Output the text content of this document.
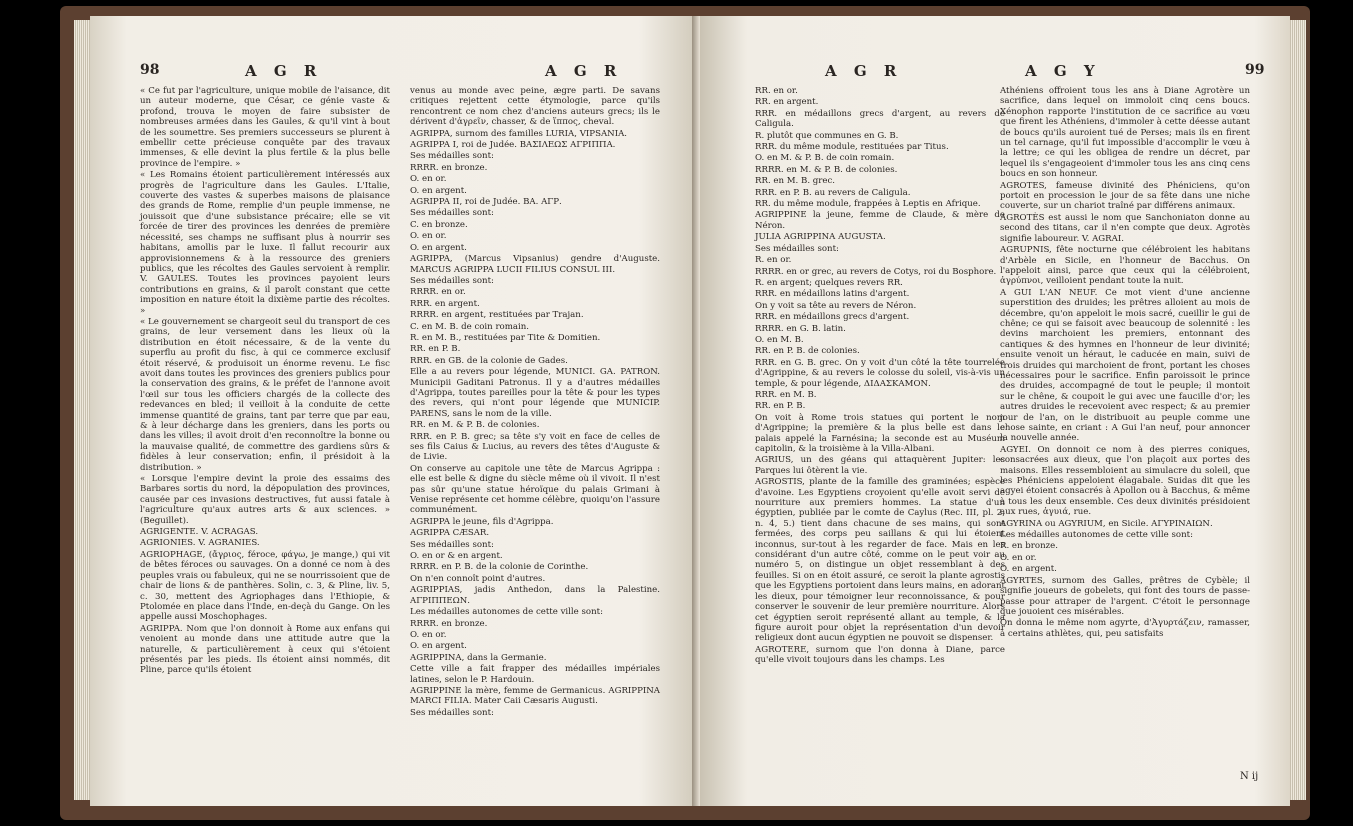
98	A G R	A G R

« Ce fut par l'agriculture, unique mobile de l'aisance, dit un auteur moderne, que César, ce génie vaste & profond, trouva le moyen de faire subsister de nombreuses armées dans les Gaules, & qu'il vint à bout de les soumettre. Ses premiers successeurs se plurent à embellir cette précieuse conquête par des travaux immenses, & elle devint la plus fertile & la plus belle province de l'empire. »

« Les Romains étoient particulièrement intéressés aux progrès de l'agriculture dans les Gaules. L'Italie, couverte des vastes & superbes maisons de plaisance des grands de Rome, remplie d'un peuple immense, ne jouissoit que d'une subsistance précaire; elle se vit forcée de tirer des provinces les denrées de première nécessité, ses champs ne suffisant plus à nourrir ses habitans, amollis par le luxe. Il fallut recourir aux approvisionnemens & à la ressource des greniers publics, que les récoltes des Gaules servoient à remplir. V. GAULES. Toutes les provinces payoient leurs contributions en grains, & il paroît constant que cette imposition en nature étoit la dixième partie des récoltes. »

« Le gouvernement se chargeoit seul du transport de ces grains, de leur versement dans les lieux où la distribution en étoit nécessaire, & de la vente du superflu au profit du fisc, à qui ce commerce exclusif étoit réservé, & produisoit un énorme revenu. Le fisc avoit dans toutes les provinces des greniers publics pour la conservation des grains, & le préfet de l'annone avoit l'œil sur tous les officiers chargés de la collecte des redevances en bled; il veilloit à la conduite de cette immense quantité de grains, tant par terre que par eau, & à leur décharge dans les greniers, dans les ports ou dans les villes; il avoit droit d'en reconnoître la bonne ou la mauvaise qualité, de commettre des gardiens sûrs & fidèles à leur conservation; enfin, il présidoit à la distribution. »

« Lorsque l'empire devint la proie des essaims des Barbares sortis du nord, la dépopulation des provinces, causée par ces invasions destructives, fut aussi fatale à l'agriculture qu'aux autres arts & aux sciences. » (Beguillet).

AGRIGENTE. V. ACRAGAS.

AGRIONIES. V. AGRANIES.

AGRIOPHAGE, (ἄγριος, féroce, φάγω, je mange,) qui vit de bêtes féroces ou sauvages. On a donné ce nom à des peuples vrais ou fabuleux, qui ne se nourrissoient que de chair de lions & de panthères. Solin, c. 3, & Pline, liv. 5, c. 30, mettent des Agriophages dans l'Ethiopie, & Ptolomée en place dans l'Inde, en-deçà du Gange. On les appelle aussi Moschophages.

AGRIPPA. Nom que l'on donnoit à Rome aux enfans qui venoient au monde dans une attitude autre que la naturelle, & particulièrement à ceux qui s'étoient présentés par les pieds. Ils étoient ainsi nommés, dit Pline, parce qu'ils étoient

venus au monde avec peine, ægre parti. De savans critiques rejettent cette étymologie, parce qu'ils rencontrent ce nom chez d'anciens auteurs grecs; ils le dérivent d'ἀγρεῖν, chasser, & de ἵππος, cheval.

AGRIPPA, surnom des familles LURIA, VIPSANIA.

AGRIPPA I, roi de Judée. ΒΑΣΙΛΕΩΣ ΑΓΡΙΠΠΑ.

Ses médailles sont:

RRRR. en bronze.

O. en or.

O. en argent.

AGRIPPA II, roi de Judée. ΒΑ. ΑΓΡ.

Ses médailles sont:

C. en bronze.

O. en or.

O. en argent.

AGRIPPA, (Marcus Vipsanius) gendre d'Auguste. MARCUS AGRIPPA LUCII FILIUS CONSUL III.

Ses médailles sont:

RRRR. en or.

RRR. en argent.

RRRR. en argent, restituées par Trajan.

C. en M. B. de coin romain.

R. en M. B., restituées par Tite & Domitien.

RR. en P. B.

RRR. en GB. de la colonie de Gades.

Elle a au revers pour légende, MUNICI. GA. PATRON. Municipii Gaditani Patronus. Il y a d'autres médailles d'Agrippa, toutes pareilles pour la tête & pour les types des revers, qui n'ont pour légende que MUNICIP. PARENS, sans le nom de la ville.

RR. en M. & P. B. de colonies.

RRR. en P. B. grec; sa tête s'y voit en face de celles de ses fils Caius & Lucius, au revers des têtes d'Auguste & de Livie.

On conserve au capitole une tête de Marcus Agrippa : elle est belle & digne du siècle même où il vivoit. Il n'est pas sûr qu'une statue héroïque du palais Grimani à Venise représente cet homme célèbre, quoiqu'on l'assure communément.

AGRIPPA le jeune, fils d'Agrippa.

AGRIPPA CÆSAR.

Ses médailles sont:

O. en or & en argent.

RRRR. en P. B. de la colonie de Corinthe.

On n'en connoît point d'autres.

AGRIPPIAS, jadis Anthedon, dans la Palestine. ΑΓΡΙΠΠΕΩΝ.

Les médailles autonomes de cette ville sont:

RRRR. en bronze.

O. en or.

O. en argent.

AGRIPPINA, dans la Germanie.

Cette ville a fait frapper des médailles impériales latines, selon le P. Hardouin.

AGRIPPINE la mère, femme de Germanicus. AGRIPPINA MARCI FILIA. Mater Caii Cæsaris Augusti.

Ses médailles sont:

A G R	A G Y	99

RR. en or.

RR. en argent.

RRR. en médaillons grecs d'argent, au revers de Caligula.

R. plutôt que communes en G. B.

RRR. du même module, restituées par Titus.

O. en M. & P. B. de coin romain.

RRRR. en M. & P. B. de colonies.

RR. en M. B. grec.

RRR. en P. B. au revers de Caligula.

RR. du même module, frappées à Leptis en Afrique.

AGRIPPINE la jeune, femme de Claude, & mère de Néron.

JULIA AGRIPPINA AUGUSTA.

Ses médailles sont:

R. en or.

RRRR. en or grec, au revers de Cotys, roi du Bosphore.

R. en argent; quelques revers RR.

RRR. en médaillons latins d'argent.

On y voit sa tête au revers de Néron.

RRR. en médaillons grecs d'argent.

RRRR. en G. B. latin.

O. en M. B.

RR. en P. B. de colonies.

RRR. en G. B. grec. On y voit d'un côté la tête tourrelée d'Agrippine, & au revers le colosse du soleil, vis-à-vis un temple, & pour légende, ΔΙΔΑΣΚΑΜΟΝ.

RRR. en M. B.

RR. en P. B.

On voit à Rome trois statues qui portent le nom d'Agrippine; la première & la plus belle est dans le palais appelé la Farnésina; la seconde est au Muséum capitolin, & la troisième à la Villa-Albani.

AGRIUS, un des géans qui attaquèrent Jupiter: les Parques lui ôtèrent la vie.

AGROSTIS, plante de la famille des graminées; espèce d'avoine. Les Egyptiens croyoient qu'elle avoit servi de nourriture aux premiers hommes. La statue d'un égyptien, publiée par le comte de Caylus (Rec. III, pl. 2, n. 4, 5.) tient dans chacune de ses mains, qui sont fermées, des corps peu saillans & qui lui étoient inconnus, sur-tout à les regarder de face. Mais en les considérant d'un autre côté, comme on le peut voir au numéro 5, on distingue un objet ressemblant à des feuilles. Si on en étoit assuré, ce seroit la plante agrostis que les Egyptiens portoient dans leurs mains, en adorant les dieux, pour témoigner leur reconnoissance, & pour conserver le souvenir de leur première nourriture. Alors cet égyptien seroit représenté allant au temple, & la figure auroit pour objet la représentation d'un devoir religieux dont aucun égyptien ne pouvoit se dispenser.

AGROTERE, surnom que l'on donna à Diane, parce qu'elle vivoit toujours dans les champs. Les

Athéniens offroient tous les ans à Diane Agrotère un sacrifice, dans lequel on immoloit cinq cens boucs. Xénophon rapporte l'institution de ce sacrifice au vœu que firent les Athéniens, d'immoler à cette déesse autant de boucs qu'ils auroient tué de Perses; mais ils en firent un tel carnage, qu'il fut impossible d'accomplir le vœu à la lettre; ce qui les obligea de rendre un décret, par lequel ils s'engageoient d'immoler tous les ans cinq cens boucs en son honneur.

AGROTES, fameuse divinité des Phéniciens, qu'on portoit en procession le jour de sa fête dans une niche couverte, sur un chariot traîné par différens animaux.

AGROTÈS est aussi le nom que Sanchoniaton donne au second des titans, car il n'en compte que deux. Agrotès signifie laboureur. V. AGRAI.

AGRUPNIS, fête nocturne que célébroient les habitans d'Arbèle en Sicile, en l'honneur de Bacchus. On l'appeloit ainsi, parce que ceux qui la célébroient, ἀγρύπνοι, veilloient pendant toute la nuit.

A GUI L'AN NEUF. Ce mot vient d'une ancienne superstition des druides; les prêtres alloient au mois de décembre, qu'on appeloit le mois sacré, cueillir le gui de chêne; ce qui se faisoit avec beaucoup de solennité : les devins marchoient les premiers, entonnant des cantiques & des hymnes en l'honneur de leur divinité; ensuite venoit un héraut, le caducée en main, suivi de trois druides qui marchoient de front, portant les choses nécessaires pour le sacrifice. Enfin paroissoit le prince des druides, accompagné de tout le peuple; il montoit sur le chêne, & coupoit le gui avec une faucille d'or; les autres druides le recevoient avec respect; & au premier jour de l'an, on le distribuoit au peuple comme une chose sainte, en criant : A Gui l'an neuf, pour annoncer la nouvelle année.

AGYEI. On donnoit ce nom à des pierres coniques, consacrées aux dieux, que l'on plaçoit aux portes des maisons. Elles ressembloient au simulacre du soleil, que les Phéniciens appeloient élagabale. Suidas dit que les agyei étoient consacrés à Apollon ou à Bacchus, & même à tous les deux ensemble. Ces deux divinités présidoient aux rues, ἀγυιά, rue.

AGYRINA ou AGYRIUM, en Sicile. ΑΓΥΡΙΝΑΙΩΝ.

Les médailles autonomes de cette ville sont:

R. en bronze.

O. en or.

O. en argent.

AGYRTES, surnom des Galles, prêtres de Cybèle; il signifie joueurs de gobelets, qui font des tours de passe-passe pour attraper de l'argent. C'étoit le personnage que jouoient ces misérables.

On donna le même nom agyrte, d'Ἀγυρτάζειν, ramasser, à certains athlètes, qui, peu satisfaits

N ij
